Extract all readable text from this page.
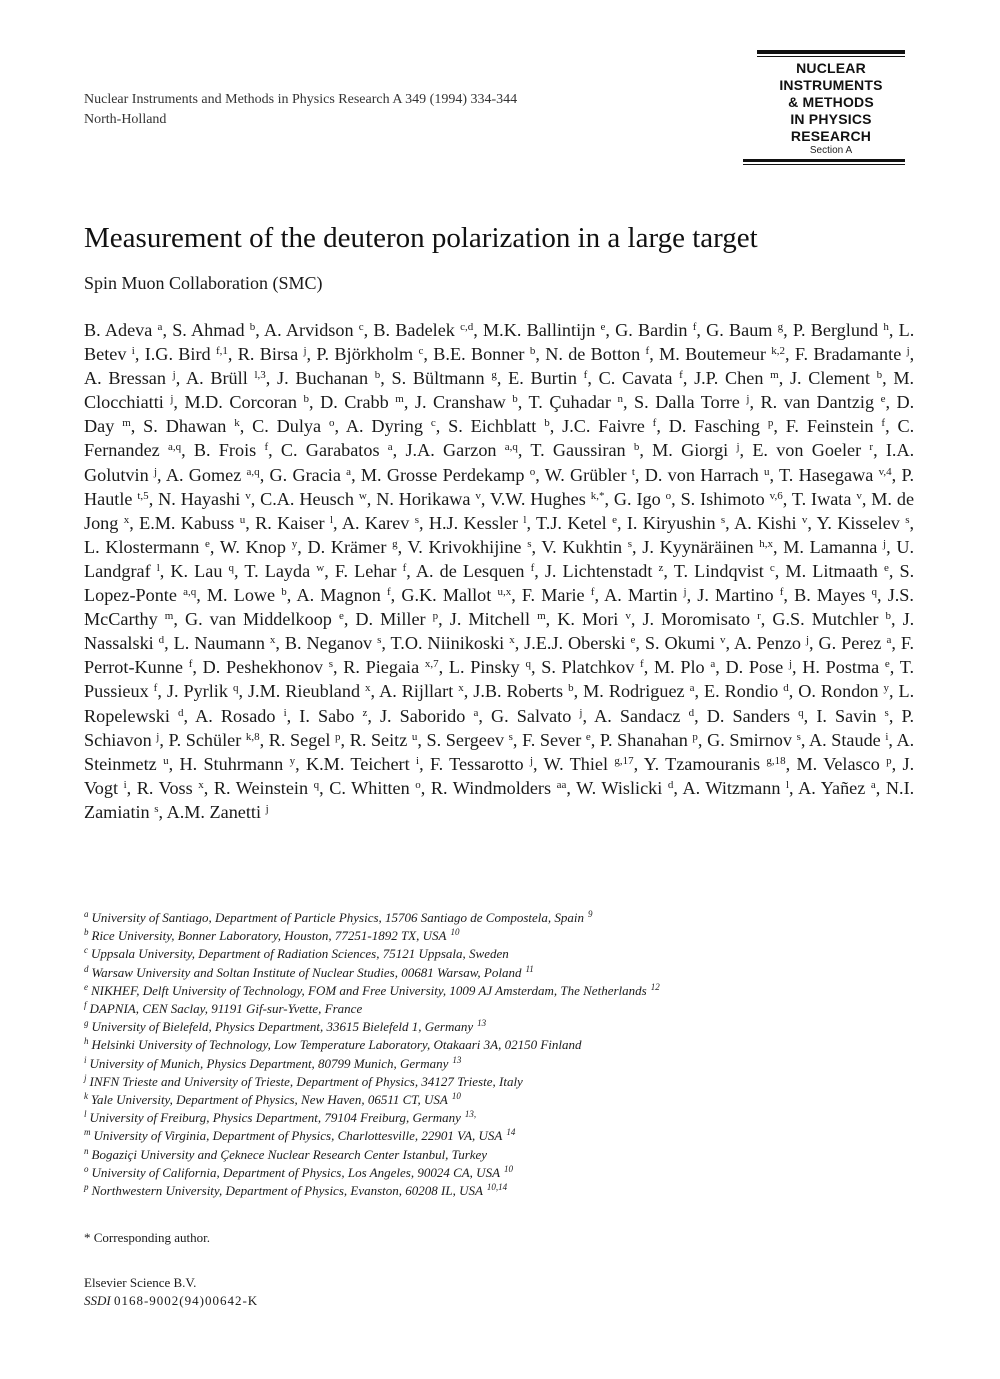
Nuclear Instruments and Methods in Physics Research A 349 (1994) 334-344
North-Holland
NUCLEAR
INSTRUMENTS
& METHODS
IN PHYSICS
RESEARCH
Section A
Measurement of the deuteron polarization in a large target
Spin Muon Collaboration (SMC)
B. Adeva $^a$, S. Ahmad $^b$, A. Arvidson $^c$, B. Badelek $^{c,d}$, M.K. Ballintijn $^e$, G. Bardin $^f$, G. Baum $^g$, P. Berglund $^h$, L. Betev $^i$, I.G. Bird $^{f,1}$, R. Birsa $^j$, P. Björkholm $^c$, B.E. Bonner $^b$, N. de Botton $^f$, M. Boutemeur $^{k,2}$, F. Bradamante $^j$, A. Bressan $^j$, A. Brüll $^{l,3}$, J. Buchanan $^b$, S. Bültmann $^g$, E. Burtin $^f$, C. Cavata $^f$, J.P. Chen $^m$, J. Clement $^b$, M. Clocchiatti $^j$, M.D. Corcoran $^b$, D. Crabb $^m$, J. Cranshaw $^b$, T. Çuhadar $^n$, S. Dalla Torre $^j$, R. van Dantzig $^e$, D. Day $^m$, S. Dhawan $^k$, C. Dulya $^o$, A. Dyring $^c$, S. Eichblatt $^b$, J.C. Faivre $^f$, D. Fasching $^p$, F. Feinstein $^f$, C. Fernandez $^{a,q}$, B. Frois $^f$, C. Garabatos $^a$, J.A. Garzon $^{a,q}$, T. Gaussiran $^b$, M. Giorgi $^j$, E. von Goeler $^r$, I.A. Golutvin $^j$, A. Gomez $^{a,q}$, G. Gracia $^a$, M. Grosse Perdekamp $^o$, W. Grübler $^t$, D. von Harrach $^u$, T. Hasegawa $^{v,4}$, P. Hautle $^{t,5}$, N. Hayashi $^v$, C.A. Heusch $^w$, N. Horikawa $^v$, V.W. Hughes $^{k,*}$, G. Igo $^o$, S. Ishimoto $^{v,6}$, T. Iwata $^v$, M. de Jong $^x$, E.M. Kabuss $^u$, R. Kaiser $^l$, A. Karev $^s$, H.J. Kessler $^l$, T.J. Ketel $^e$, I. Kiryushin $^s$, A. Kishi $^v$, Y. Kisselev $^s$, L. Klostermann $^e$, W. Knop $^y$, D. Krämer $^g$, V. Krivokhijine $^s$, V. Kukhtin $^s$, J. Kyynäräinen $^{h,x}$, M. Lamanna $^j$, U. Landgraf $^l$, K. Lau $^q$, T. Layda $^w$, F. Lehar $^f$, A. de Lesquen $^f$, J. Lichtenstadt $^z$, T. Lindqvist $^c$, M. Litmaath $^e$, S. Lopez-Ponte $^{a,q}$, M. Lowe $^b$, A. Magnon $^f$, G.K. Mallot $^{u,x}$, F. Marie $^f$, A. Martin $^j$, J. Martino $^f$, B. Mayes $^q$, J.S. McCarthy $^m$, G. van Middelkoop $^e$, D. Miller $^p$, J. Mitchell $^m$, K. Mori $^v$, J. Moromisato $^r$, G.S. Mutchler $^b$, J. Nassalski $^d$, L. Naumann $^x$, B. Neganov $^s$, T.O. Niinikoski $^x$, J.E.J. Oberski $^e$, S. Okumi $^v$, A. Penzo $^j$, G. Perez $^a$, F. Perrot-Kunne $^f$, D. Peshekhonov $^s$, R. Piegaia $^{x,7}$, L. Pinsky $^q$, S. Platchkov $^f$, M. Plo $^a$, D. Pose $^j$, H. Postma $^e$, T. Pussieux $^f$, J. Pyrlik $^q$, J.M. Rieubland $^x$, A. Rijllart $^x$, J.B. Roberts $^b$, M. Rodriguez $^a$, E. Rondio $^d$, O. Rondon $^y$, L. Ropelewski $^d$, A. Rosado $^i$, I. Sabo $^z$, J. Saborido $^a$, G. Salvato $^j$, A. Sandacz $^d$, D. Sanders $^q$, I. Savin $^s$, P. Schiavon $^j$, P. Schüler $^{k,8}$, R. Segel $^p$, R. Seitz $^u$, S. Sergeev $^s$, F. Sever $^e$, P. Shanahan $^p$, G. Smirnov $^s$, A. Staude $^i$, A. Steinmetz $^u$, H. Stuhrmann $^y$, K.M. Teichert $^i$, F. Tessarotto $^j$, W. Thiel $^{g,17}$, Y. Tzamouranis $^{g,18}$, M. Velasco $^p$, J. Vogt $^i$, R. Voss $^x$, R. Weinstein $^q$, C. Whitten $^o$, R. Windmolders $^{aa}$, W. Wislicki $^d$, A. Witzmann $^l$, A. Yañez $^a$, N.I. Zamiatin $^s$, A.M. Zanetti $^j$
$^a$ University of Santiago, Department of Particle Physics, 15706 Santiago de Compostela, Spain $^9$
$^b$ Rice University, Bonner Laboratory, Houston, 77251-1892 TX, USA $^{10}$
$^c$ Uppsala University, Department of Radiation Sciences, 75121 Uppsala, Sweden
$^d$ Warsaw University and Soltan Institute of Nuclear Studies, 00681 Warsaw, Poland $^{11}$
$^e$ NIKHEF, Delft University of Technology, FOM and Free University, 1009 AJ Amsterdam, The Netherlands $^{12}$
$^f$ DAPNIA, CEN Saclay, 91191 Gif-sur-Yvette, France
$^g$ University of Bielefeld, Physics Department, 33615 Bielefeld 1, Germany $^{13}$
$^h$ Helsinki University of Technology, Low Temperature Laboratory, Otakaari 3A, 02150 Finland
$^i$ University of Munich, Physics Department, 80799 Munich, Germany $^{13}$
$^j$ INFN Trieste and University of Trieste, Department of Physics, 34127 Trieste, Italy
$^k$ Yale University, Department of Physics, New Haven, 06511 CT, USA $^{10}$
$^l$ University of Freiburg, Physics Department, 79104 Freiburg, Germany $^{13,}$
$^m$ University of Virginia, Department of Physics, Charlottesville, 22901 VA, USA $^{14}$
$^n$ Bogaziçi University and Çeknece Nuclear Research Center Istanbul, Turkey
$^o$ University of California, Department of Physics, Los Angeles, 90024 CA, USA $^{10}$
$^p$ Northwestern University, Department of Physics, Evanston, 60208 IL, USA $^{10,14}$
* Corresponding author.
Elsevier Science B.V.
SSDI 0168-9002(94)00642-K
